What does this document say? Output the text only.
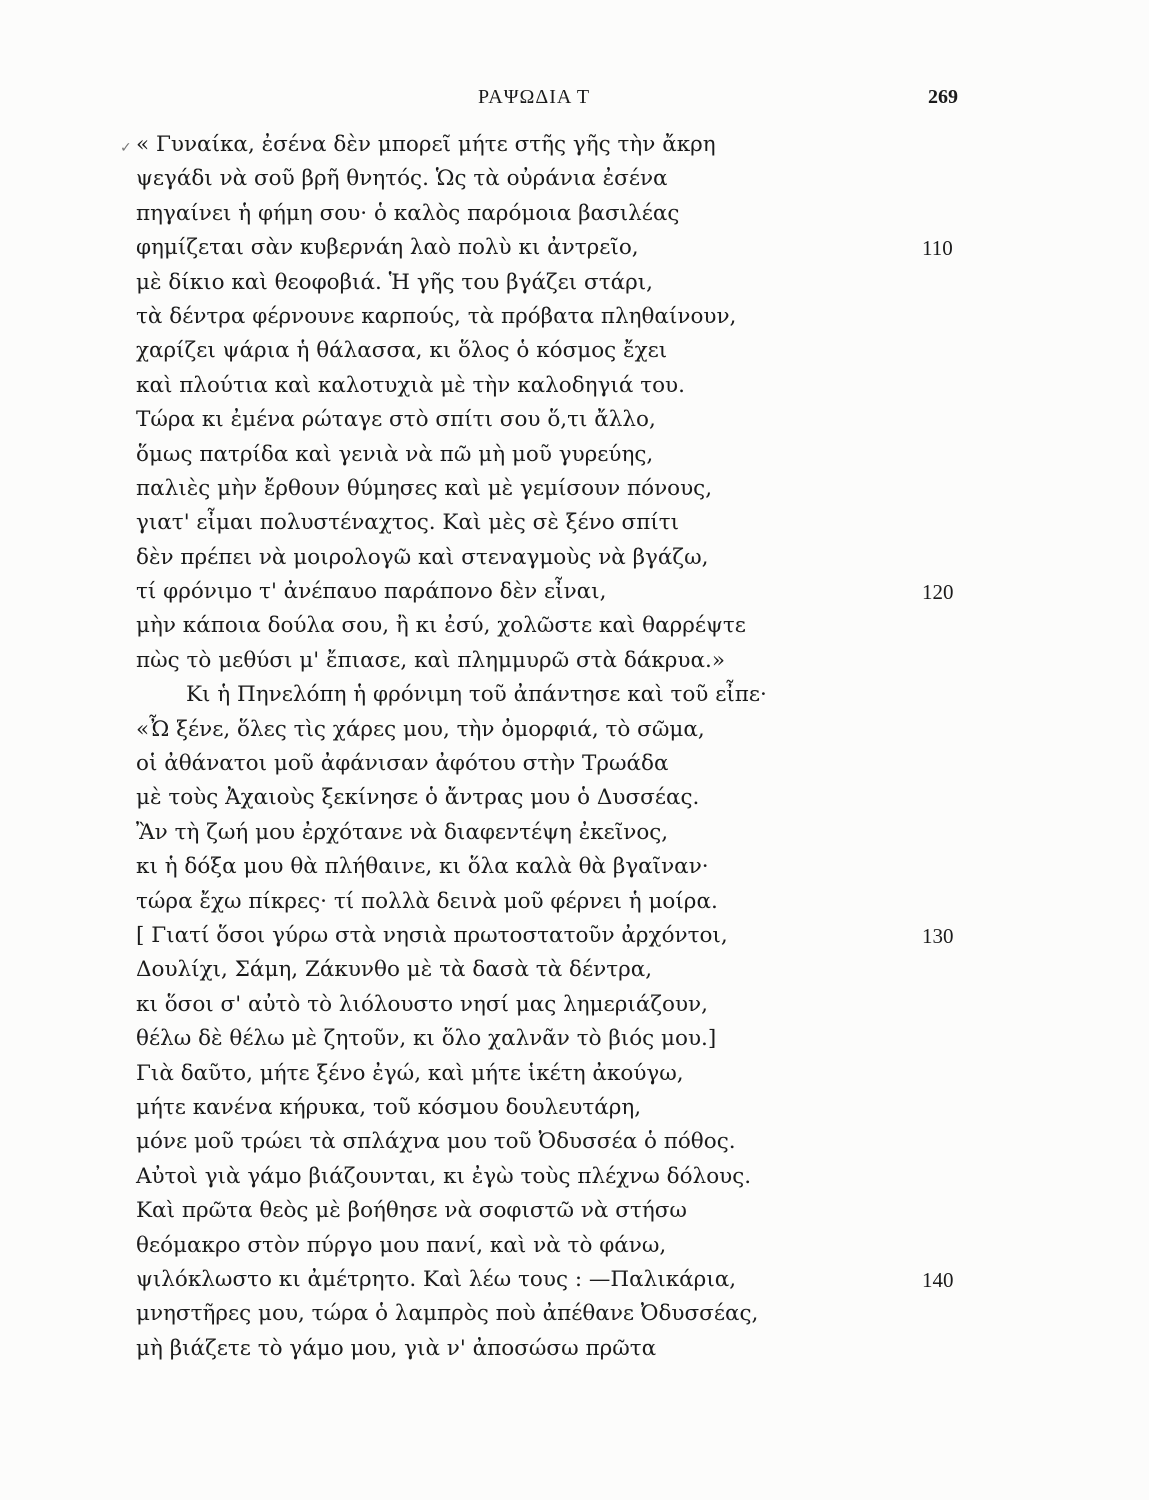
ΡΑΨΩΔΙΑ Τ	269
✓ « Γυναίκα, ἐσένα δὲν μπορεῖ μήτε στῆς γῆς τὴν ἄκρη
ψεγάδι νὰ σοῦ βρῆ θνητός. Ὡς τὰ οὐράνια ἐσένα
πηγαίνει ἡ φήμη σου· ὁ καλὸς παρόμοια βασιλέας
φημίζεται σὰν κυβερνάη λαὸ πολὺ κι ἀντρεῖο,	110
μὲ δίκιο καὶ θεοφοβιά. Ἡ γῆς του βγάζει στάρι,
τὰ δέντρα φέρνουνε καρπούς, τὰ πρόβατα πληθαίνουν,
χαρίζει ψάρια ἡ θάλασσα, κι ὅλος ὁ κόσμος ἔχει
καὶ πλούτια καὶ καλοτυχιὰ μὲ τὴν καλοδηγιά του.
Τώρα κι ἐμένα ρώταγε στὸ σπίτι σου ὅ,τι ἄλλο,
ὅμως πατρίδα καὶ γενιὰ νὰ πῶ μὴ μοῦ γυρεύης,
παλιὲς μὴν ἔρθουν θύμησες καὶ μὲ γεμίσουν πόνους,
γιατ' εἶμαι πολυστέναχτος. Καὶ μὲς σὲ ξένο σπίτι
δὲν πρέπει νὰ μοιρολογῶ καὶ στεναγμοὺς νὰ βγάζω,
τί φρόνιμο τ' ἀνέπαυο παράπονο δὲν εἶναι,	120
μὴν κάποια δούλα σου, ἢ κι ἐσύ, χολῶστε καὶ θαρρέψτε
πὼς τὸ μεθύσι μ' ἔπιασε, καὶ πλημμυρῶ στὰ δάκρυα.»
Κι ἡ Πηνελόπη ἡ φρόνιμη τοῦ ἀπάντησε καὶ τοῦ εἶπε·
«Ὦ ξένε, ὅλες τὶς χάρες μου, τὴν ὀμορφιά, τὸ σῶμα,
οἱ ἀθάνατοι μοῦ ἀφάνισαν ἀφότου στὴν Τρωάδα
μὲ τοὺς Ἀχαιοὺς ξεκίνησε ὁ ἄντρας μου ὁ Δυσσέας.
Ἂν τὴ ζωή μου ἐρχότανε νὰ διαφεντέψη ἐκεῖνος,
κι ἡ δόξα μου θὰ πλήθαινε, κι ὅλα καλὰ θὰ βγαῖναν·
τώρα ἔχω πίκρες· τί πολλὰ δεινὰ μοῦ φέρνει ἡ μοίρα.
[ Γιατί ὅσοι γύρω στὰ νησιὰ πρωτοστατοῦν ἀρχόντοι,	130
Δουλίχι, Σάμη, Ζάκυνθο μὲ τὰ δασὰ τὰ δέντρα,
κι ὅσοι σ' αὐτὸ τὸ λιόλουστο νησί μας λημεριάζουν,
θέλω δὲ θέλω μὲ ζητοῦν, κι ὅλο χαλνᾶν τὸ βιός μου.]
Γιὰ δαῦτο, μήτε ξένο ἐγώ, καὶ μήτε ἱκέτη ἀκούγω,
μήτε κανένα κήρυκα, τοῦ κόσμου δουλευτάρη,
μόνε μοῦ τρώει τὰ σπλάχνα μου τοῦ Ὀδυσσέα ὁ πόθος.
Αὐτοὶ γιὰ γάμο βιάζουνται, κι ἐγὼ τοὺς πλέχνω δόλους.
Καὶ πρῶτα θεὸς μὲ βοήθησε νὰ σοφιστῶ νὰ στήσω
θεόμακρο στὸν πύργο μου πανί, καὶ νὰ τὸ φάνω,
ψιλόκλωστο κι ἀμέτρητο. Καὶ λέω τους : —Παλικάρια,	140
μνηστῆρες μου, τώρα ὁ λαμπρὸς ποὺ ἀπέθανε Ὀδυσσέας,
μὴ βιάζετε τὸ γάμο μου, γιὰ ν' ἀποσώσω πρῶτα
